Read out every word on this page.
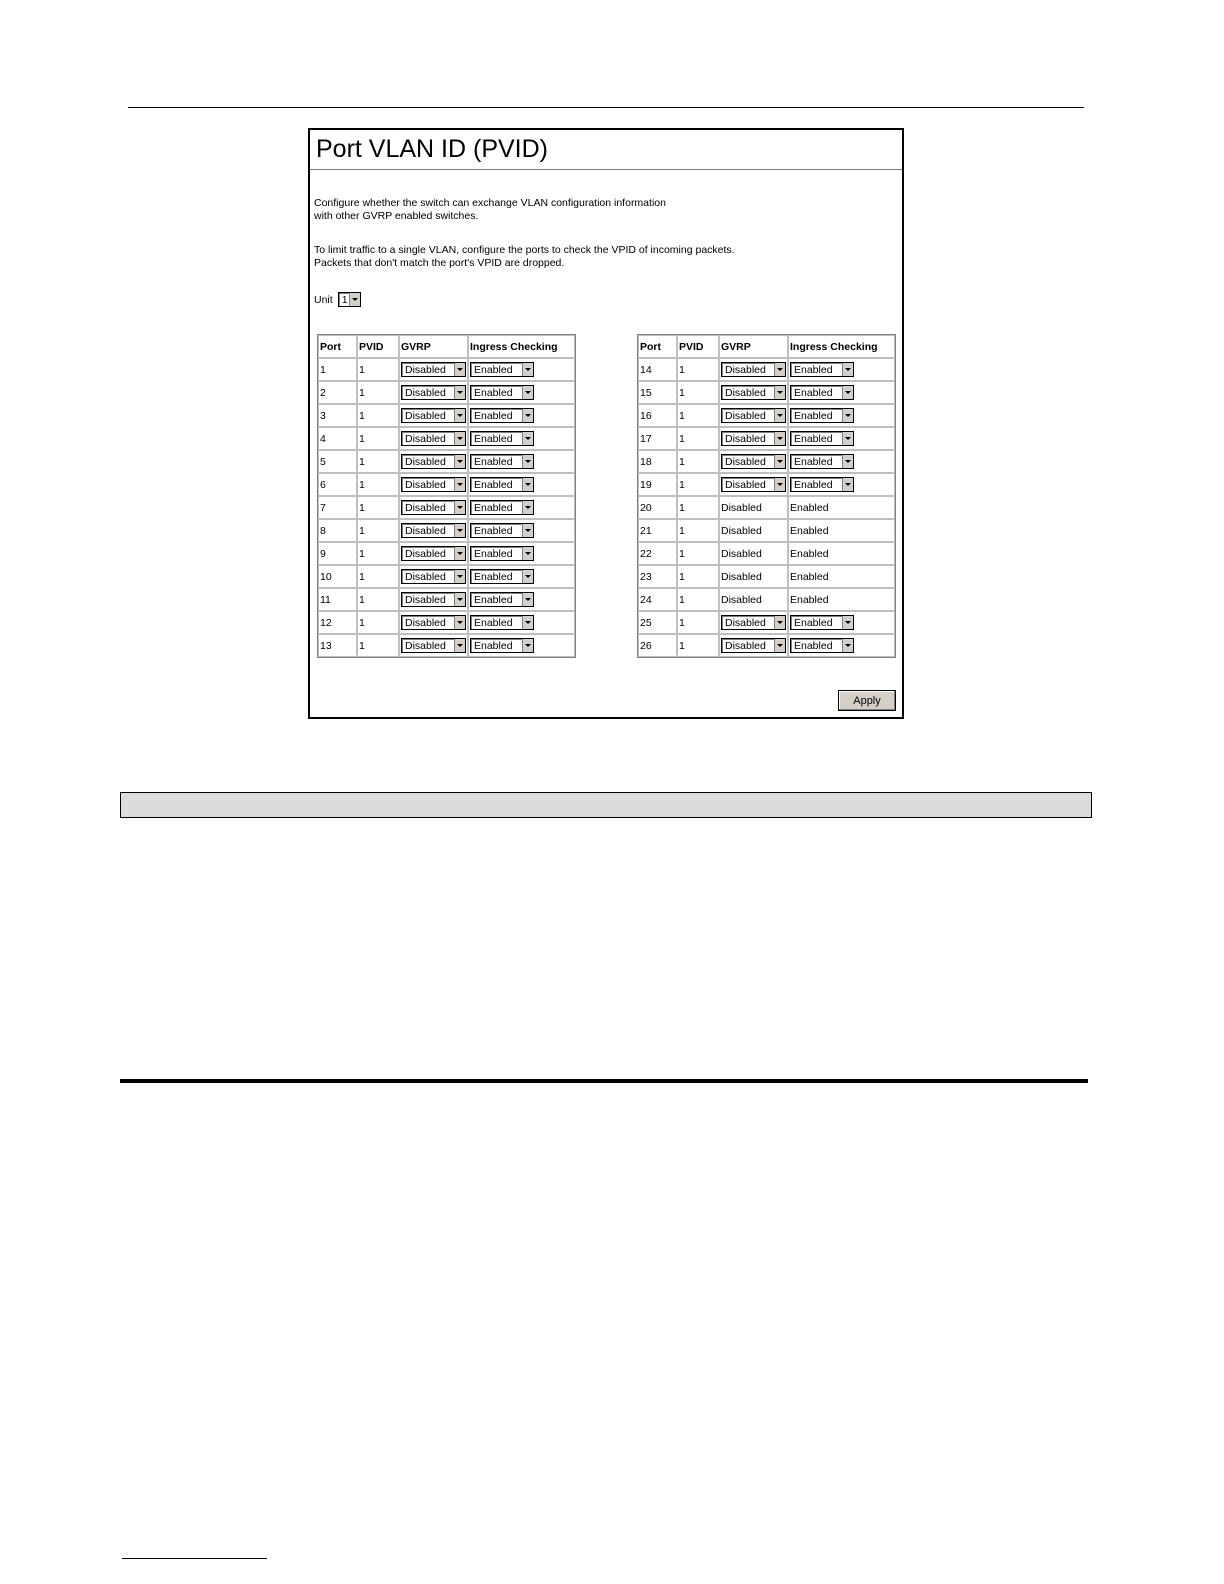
Port VLAN ID (PVID)
Configure whether the switch can exchange VLAN configuration information
with other GVRP enabled switches.
To limit traffic to a single VLAN, configure the ports to check the VPID of incoming packets.
Packets that don't match the port's VPID are dropped.
Unit 1
Port	PVID	GVRP	Ingress Checking
1	1	Disabled	Enabled

2	1	Disabled	Enabled

3	1	Disabled	Enabled

4	1	Disabled	Enabled

5	1	Disabled	Enabled

6	1	Disabled	Enabled

7	1	Disabled	Enabled

8	1	Disabled	Enabled

9	1	Disabled	Enabled

10	1	Disabled	Enabled

11	1	Disabled	Enabled

12	1	Disabled	Enabled

13	1	Disabled	Enabled
Port	PVID	GVRP	Ingress Checking
14	1	Disabled	Enabled

15	1	Disabled	Enabled

16	1	Disabled	Enabled

17	1	Disabled	Enabled

18	1	Disabled	Enabled

19	1	Disabled	Enabled

20	1	Disabled	Enabled
21	1	Disabled	Enabled
22	1	Disabled	Enabled
23	1	Disabled	Enabled
24	1	Disabled	Enabled
25	1	Disabled	Enabled

26	1	Disabled	Enabled
Apply
